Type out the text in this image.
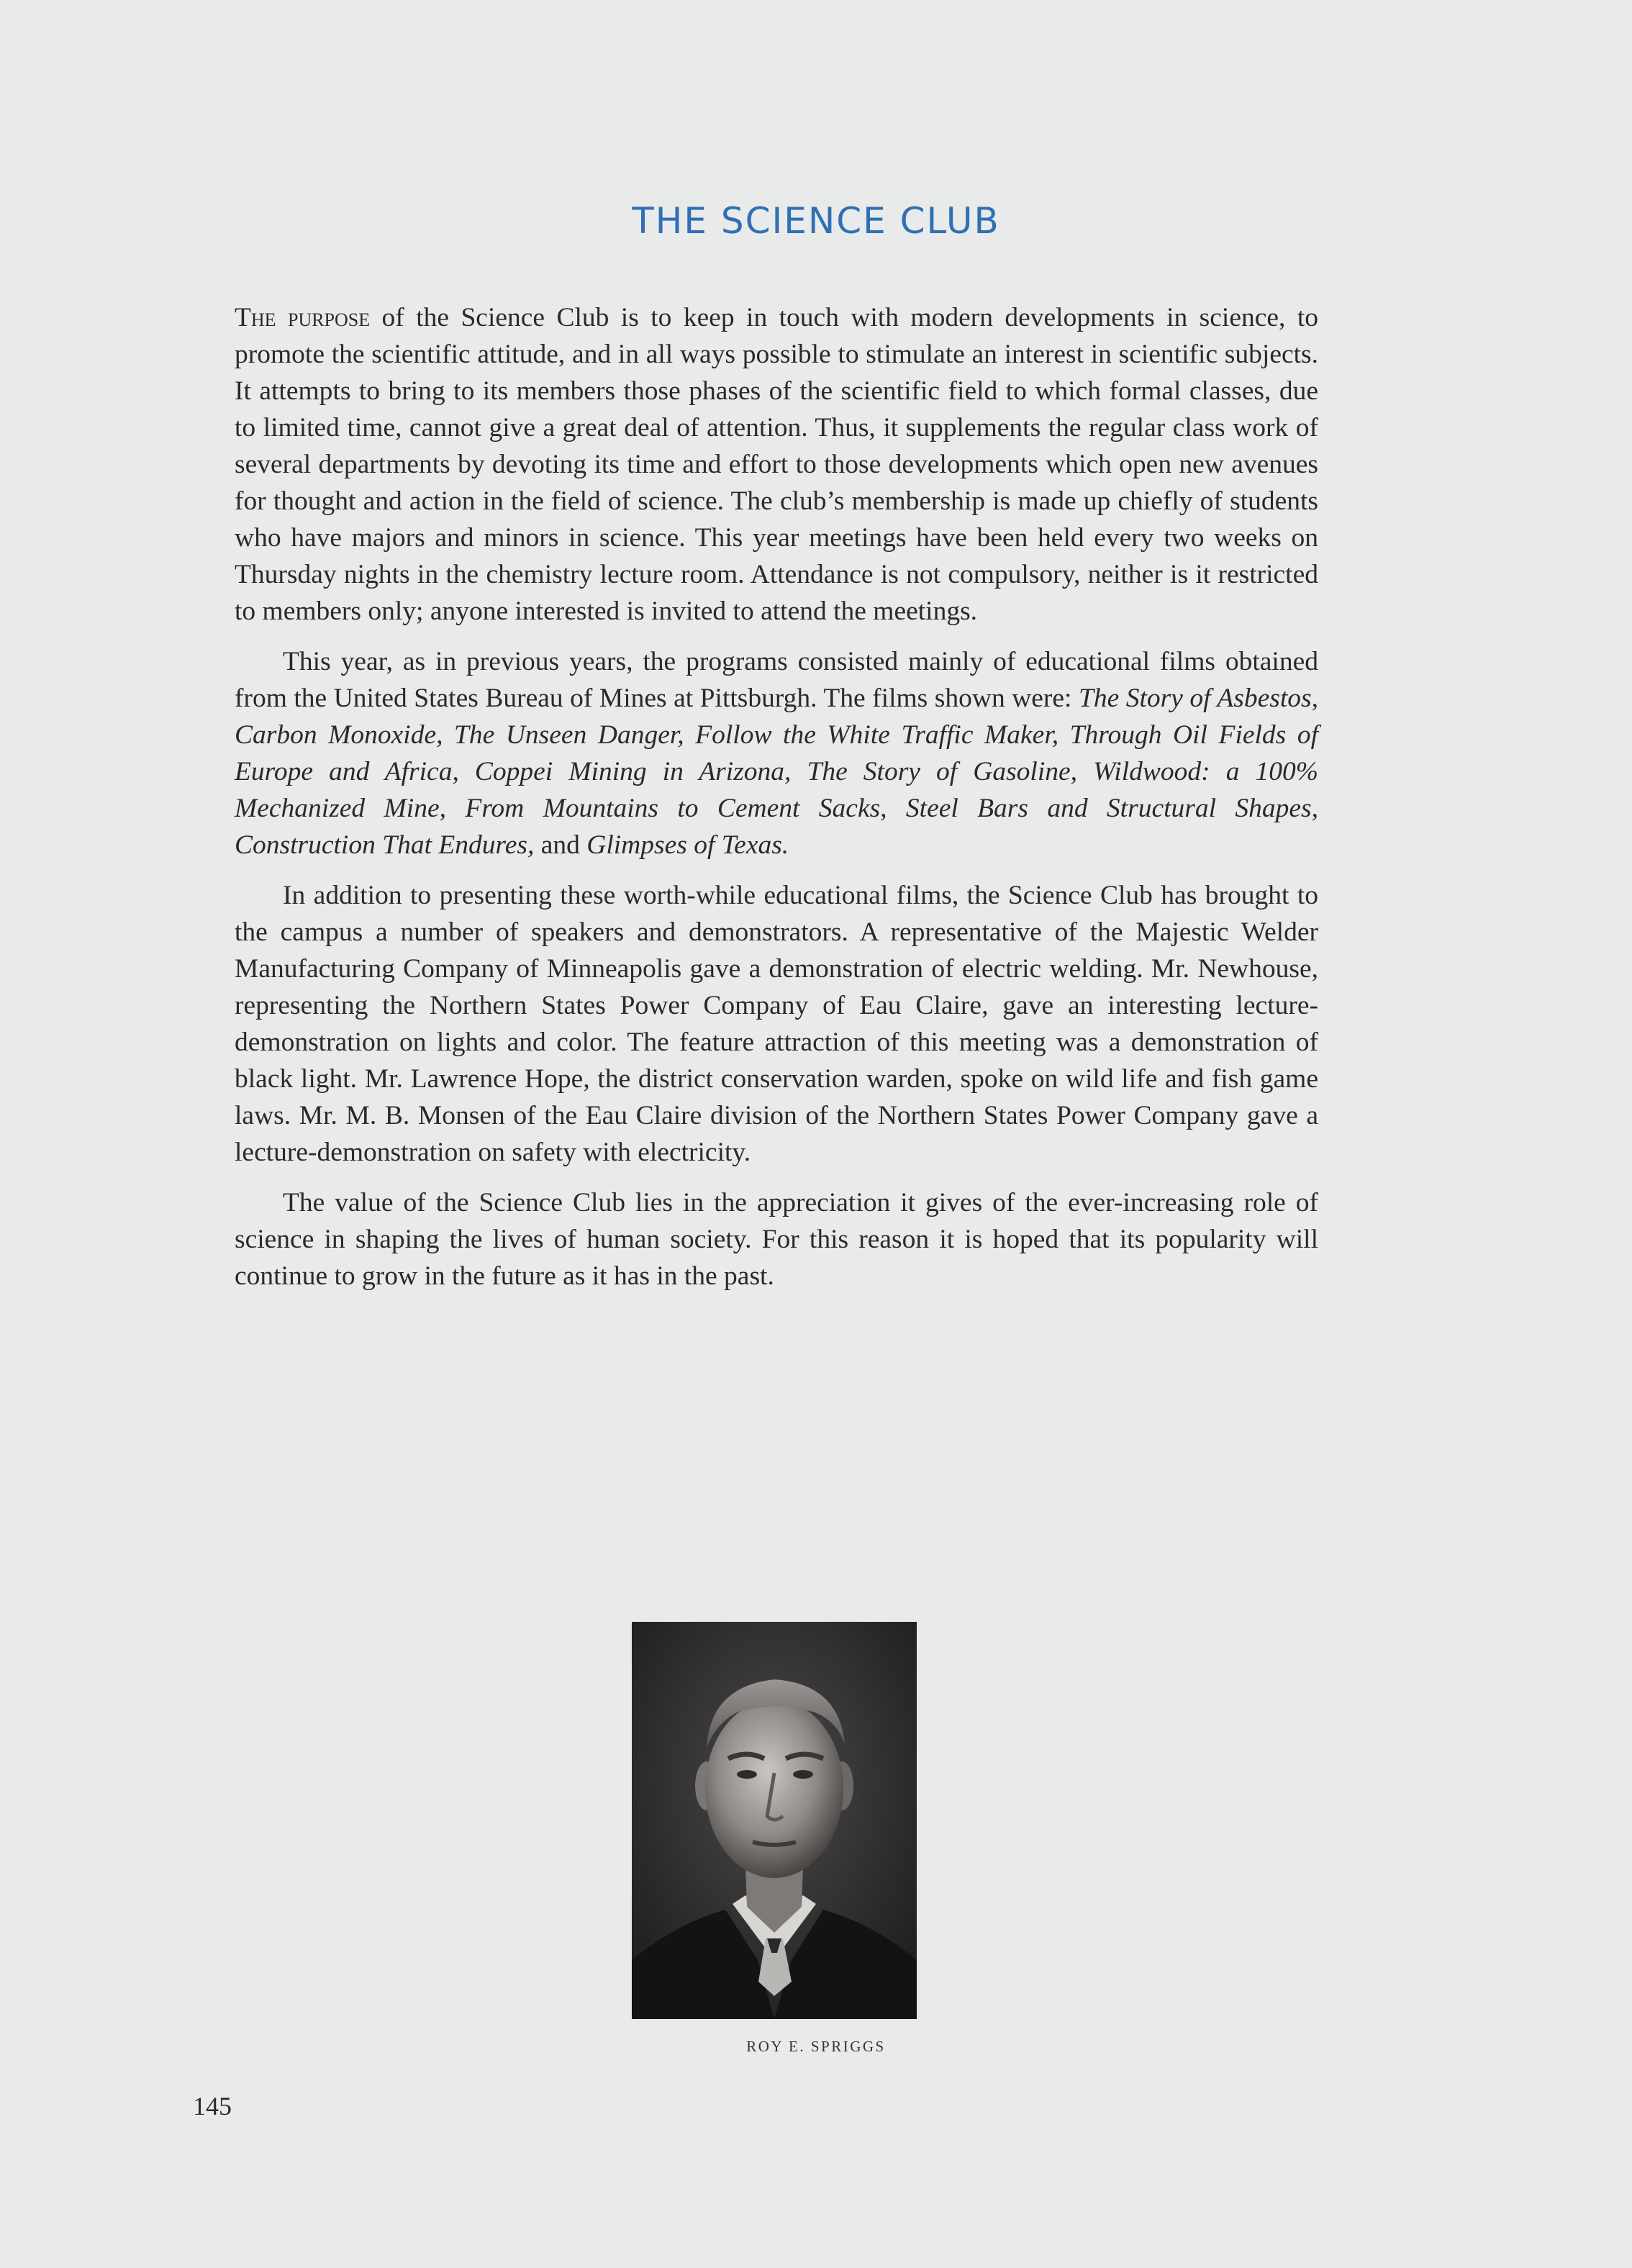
THE SCIENCE CLUB

The purpose of the Science Club is to keep in touch with modern developments in science, to promote the scientific attitude, and in all ways possible to stimulate an interest in scientific subjects. It attempts to bring to its members those phases of the scientific field to which formal classes, due to limited time, cannot give a great deal of attention. Thus, it supplements the regular class work of several departments by devoting its time and effort to those developments which open new avenues for thought and action in the field of science. The club’s membership is made up chiefly of students who have majors and minors in science. This year meetings have been held every two weeks on Thursday nights in the chemistry lecture room. Attendance is not compulsory, neither is it restricted to members only; anyone interested is invited to attend the meetings.

This year, as in previous years, the programs consisted mainly of educational films obtained from the United States Bureau of Mines at Pittsburgh. The films shown were: The Story of Asbestos, Carbon Monoxide, The Unseen Danger, Follow the White Traffic Maker, Through Oil Fields of Europe and Africa, Coppei Mining in Arizona, The Story of Gasoline, Wildwood: a 100% Mechanized Mine, From Mountains to Cement Sacks, Steel Bars and Structural Shapes, Construction That Endures, and Glimpses of Texas.

In addition to presenting these worth-while educational films, the Science Club has brought to the campus a number of speakers and demonstrators. A representative of the Majestic Welder Manufacturing Company of Minneapolis gave a demonstration of electric welding. Mr. Newhouse, representing the Northern States Power Company of Eau Claire, gave an interesting lecture-demonstration on lights and color. The feature attraction of this meeting was a demonstration of black light. Mr. Lawrence Hope, the district conservation warden, spoke on wild life and fish game laws. Mr. M. B. Monsen of the Eau Claire division of the Northern States Power Company gave a lecture-demonstration on safety with electricity.

The value of the Science Club lies in the appreciation it gives of the ever-increasing role of science in shaping the lives of human society. For this reason it is hoped that its popularity will continue to grow in the future as it has in the past.

ROY E. SPRIGGS
145
